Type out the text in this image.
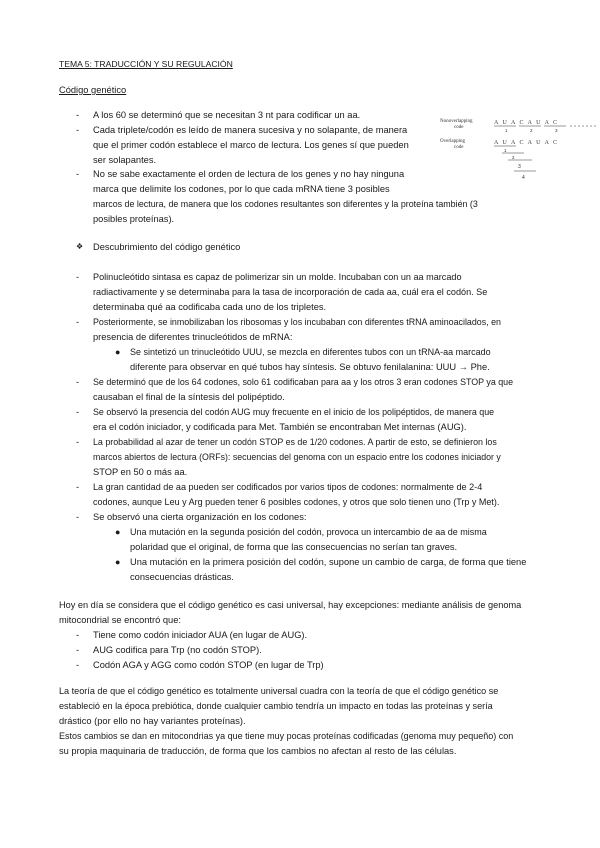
TEMA 5: TRADUCCIÓN Y SU REGULACIÓN
Código genético
- A los 60 se determinó que se necesitan 3 nt para codificar un aa.
- Cada triplete/codón es leído de manera sucesiva y no solapante, de manera
que el primer codón establece el marco de lectura. Los genes sí que pueden
ser solapantes.
- No se sabe exactamente el orden de lectura de los genes y no hay ninguna
marca que delimite los codones, por lo que cada mRNA tiene 3 posibles
marcos de lectura, de manera que los codones resultantes son diferentes y la proteína también (3
posibles proteínas).
Nonoverlapping
code
A U A C A U A C
1	2	3
Overlapping
code
A U A C A U A C
1
2
3
4
❖ Descubrimiento del código genético
- Polinucleótido sintasa es capaz de polimerizar sin un molde. Incubaban con un aa marcado
radiactivamente y se determinaba para la tasa de incorporación de cada aa, cuál era el codón. Se
determinaba qué aa codificaba cada uno de los tripletes.
- Posteriormente, se inmobilizaban los ribosomas y los incubaban con diferentes tRNA aminoacilados, en
presencia de diferentes trinucleótidos de mRNA:
● Se sintetizó un trinucleótido UUU, se mezcla en diferentes tubos con un tRNA-aa marcado
diferente para observar en qué tubos hay síntesis. Se obtuvo fenilalanina: UUU → Phe.
- Se determinó que de los 64 codones, solo 61 codificaban para aa y los otros 3 eran codones STOP ya que
causaban el final de la síntesis del polipéptido.
- Se observó la presencia del codón AUG muy frecuente en el inicio de los polipéptidos, de manera que
era el codón iniciador, y codificada para Met. También se encontraban Met internas (AUG).
- La probabilidad al azar de tener un codón STOP es de 1/20 codones. A partir de esto, se definieron los
marcos abiertos de lectura (ORFs): secuencias del genoma con un espacio entre los codones iniciador y
STOP en 50 o más aa.
- La gran cantidad de aa pueden ser codificados por varios tipos de codones: normalmente de 2-4
codones, aunque Leu y Arg pueden tener 6 posibles codones, y otros que solo tienen uno (Trp y Met).
- Se observó una cierta organización en los codones:
● Una mutación en la segunda posición del codón, provoca un intercambio de aa de misma
polaridad que el original, de forma que las consecuencias no serían tan graves.
● Una mutación en la primera posición del codón, supone un cambio de carga, de forma que tiene
consecuencias drásticas.
Hoy en día se considera que el código genético es casi universal, hay excepciones: mediante análisis de genoma
mitocondrial se encontró que:
- Tiene como codón iniciador AUA (en lugar de AUG).
- AUG codifica para Trp (no codón STOP).
- Codón AGA y AGG como codón STOP (en lugar de Trp)
La teoría de que el código genético es totalmente universal cuadra con la teoría de que el código genético se
estableció en la época prebiótica, donde cualquier cambio tendría un impacto en todas las proteínas y sería
drástico (por ello no hay variantes proteínas).
Estos cambios se dan en mitocondrias ya que tiene muy pocas proteínas codificadas (genoma muy pequeño) con
su propia maquinaria de traducción, de forma que los cambios no afectan al resto de las células.
